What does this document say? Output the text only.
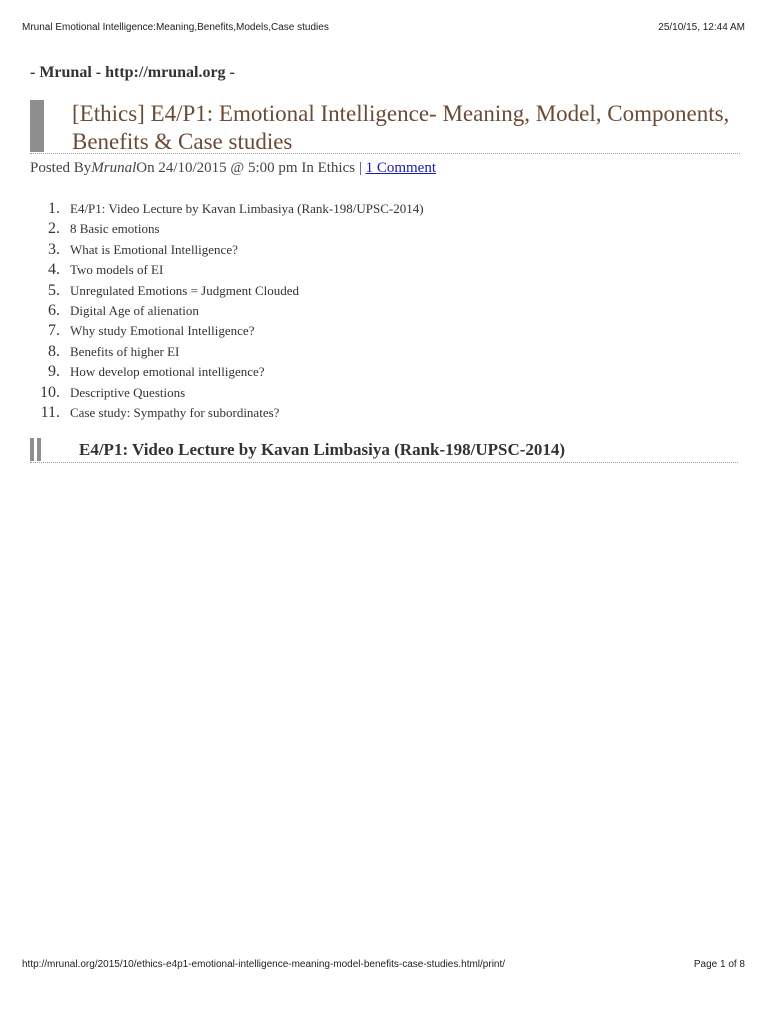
Mrunal Emotional Intelligence:Meaning,Benefits,Models,Case studies	25/10/15, 12:44 AM
- Mrunal - http://mrunal.org -
[Ethics] E4/P1: Emotional Intelligence- Meaning, Model, Components, Benefits & Case studies
Posted ByMrunalOn 24/10/2015 @ 5:00 pm In Ethics | 1 Comment
1. E4/P1: Video Lecture by Kavan Limbasiya (Rank-198/UPSC-2014)
2. 8 Basic emotions
3. What is Emotional Intelligence?
4. Two models of EI
5. Unregulated Emotions = Judgment Clouded
6. Digital Age of alienation
7. Why study Emotional Intelligence?
8. Benefits of higher EI
9. How develop emotional intelligence?
10. Descriptive Questions
11. Case study: Sympathy for subordinates?
E4/P1: Video Lecture by Kavan Limbasiya (Rank-198/UPSC-2014)
http://mrunal.org/2015/10/ethics-e4p1-emotional-intelligence-meaning-model-benefits-case-studies.html/print/	Page 1 of 8
